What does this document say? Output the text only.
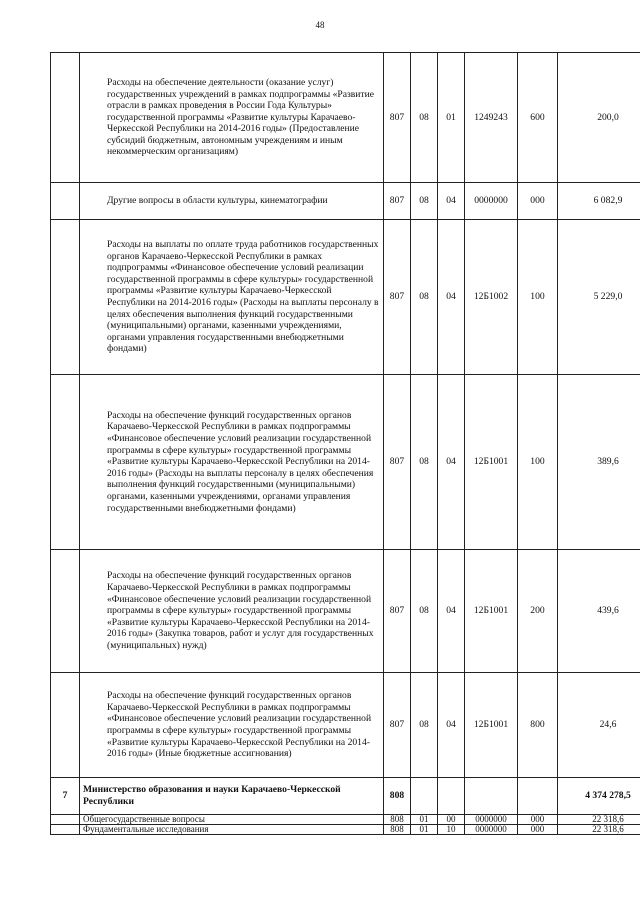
48
	Расходы на обеспечение деятельности (оказание услуг) государственных учреждений в рамках подпрограммы «Развитие отрасли в рамках проведения в России Года Культуры» государственной программы «Развитие культуры Карачаево-Черкесской Республики на 2014-2016 годы» (Предоставление субсидий бюджетным, автономным учреждениям и иным некоммерческим организациям)	807	08	01	1249243	600	200,0
	Другие вопросы в области культуры, кинематографии	807	08	04	0000000	000	6 082,9
	Расходы на выплаты по оплате труда работников государственных органов Карачаево-Черкесской Республики в рамках подпрограммы «Финансовое обеспечение условий реализации государственной программы в сфере культуры» государственной программы «Развитие культуры Карачаево-Черкесской Республики на 2014-2016 годы» (Расходы на выплаты персоналу в целях обеспечения выполнения функций государственными (муниципальными) органами, казенными учреждениями, органами управления государственными внебюджетными фондами)	807	08	04	12Б1002	100	5 229,0
	Расходы на обеспечение функций государственных органов Карачаево-Черкесской Республики в рамках подпрограммы «Финансовое обеспечение условий реализации государственной программы в сфере культуры» государственной программы «Развитие культуры Карачаево-Черкесской Республики на 2014-2016 годы» (Расходы на выплаты персоналу в целях обеспечения выполнения функций государственными (муниципальными) органами, казенными учреждениями, органами управления государственными внебюджетными фондами)	807	08	04	12Б1001	100	389,6
	Расходы на обеспечение функций государственных органов Карачаево-Черкесской Республики в рамках подпрограммы «Финансовое обеспечение условий реализации государственной программы в сфере культуры» государственной программы «Развитие культуры Карачаево-Черкесской Республики на 2014-2016 годы» (Закупка товаров, работ и услуг для государственных (муниципальных) нужд)	807	08	04	12Б1001	200	439,6
	Расходы на обеспечение функций государственных органов Карачаево-Черкесской Республики в рамках подпрограммы «Финансовое обеспечение условий реализации государственной программы в сфере культуры» государственной программы «Развитие культуры Карачаево-Черкесской Республики на 2014-2016 годы» (Иные бюджетные ассигнования)	807	08	04	12Б1001	800	24,6
7	Министерство образования и науки Карачаево-Черкесской Республики	808					4 374 278,5
	Общегосударственные вопросы	808	01	00	0000000	000	22 318,6
	Фундаментальные исследования	808	01	10	0000000	000	22 318,6
